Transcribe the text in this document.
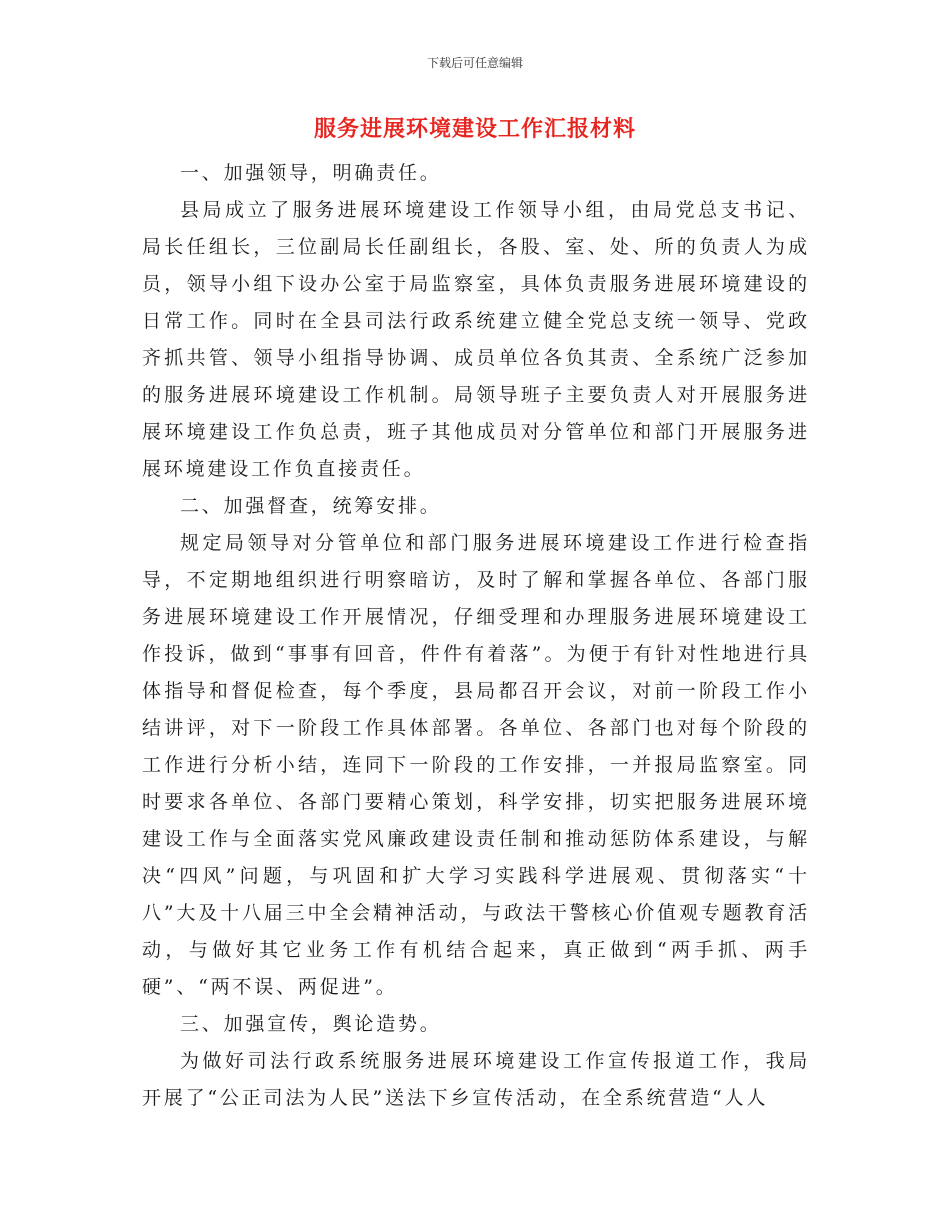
下载后可任意编辑
服务进展环境建设工作汇报材料

一、加强领导，明确责任。

县局成立了服务进展环境建设工作领导小组，由局党总支书记、局长任组长，三位副局长任副组长，各股、室、处、所的负责人为成员，领导小组下设办公室于局监察室，具体负责服务进展环境建设的日常工作。同时在全县司法行政系统建立健全党总支统一领导、党政齐抓共管、领导小组指导协调、成员单位各负其责、全系统广泛参加的服务进展环境建设工作机制。局领导班子主要负责人对开展服务进展环境建设工作负总责，班子其他成员对分管单位和部门开展服务进展环境建设工作负直接责任。

二、加强督查，统筹安排。

规定局领导对分管单位和部门服务进展环境建设工作进行检查指导，不定期地组织进行明察暗访，及时了解和掌握各单位、各部门服务进展环境建设工作开展情况，仔细受理和办理服务进展环境建设工作投诉，做到“事事有回音，件件有着落”。为便于有针对性地进行具体指导和督促检查，每个季度，县局都召开会议，对前一阶段工作小结讲评，对下一阶段工作具体部署。各单位、各部门也对每个阶段的工作进行分析小结，连同下一阶段的工作安排，一并报局监察室。同时要求各单位、各部门要精心策划，科学安排，切实把服务进展环境建设工作与全面落实党风廉政建设责任制和推动惩防体系建设，与解决“四风”问题，与巩固和扩大学习实践科学进展观、贯彻落实“十八”大及十八届三中全会精神活动，与政法干警核心价值观专题教育活动，与做好其它业务工作有机结合起来，真正做到“两手抓、两手硬”、“两不误、两促进”。

三、加强宣传，舆论造势。

为做好司法行政系统服务进展环境建设工作宣传报道工作，我局开展了“公正司法为人民”送法下乡宣传活动，在全系统营造“人人
